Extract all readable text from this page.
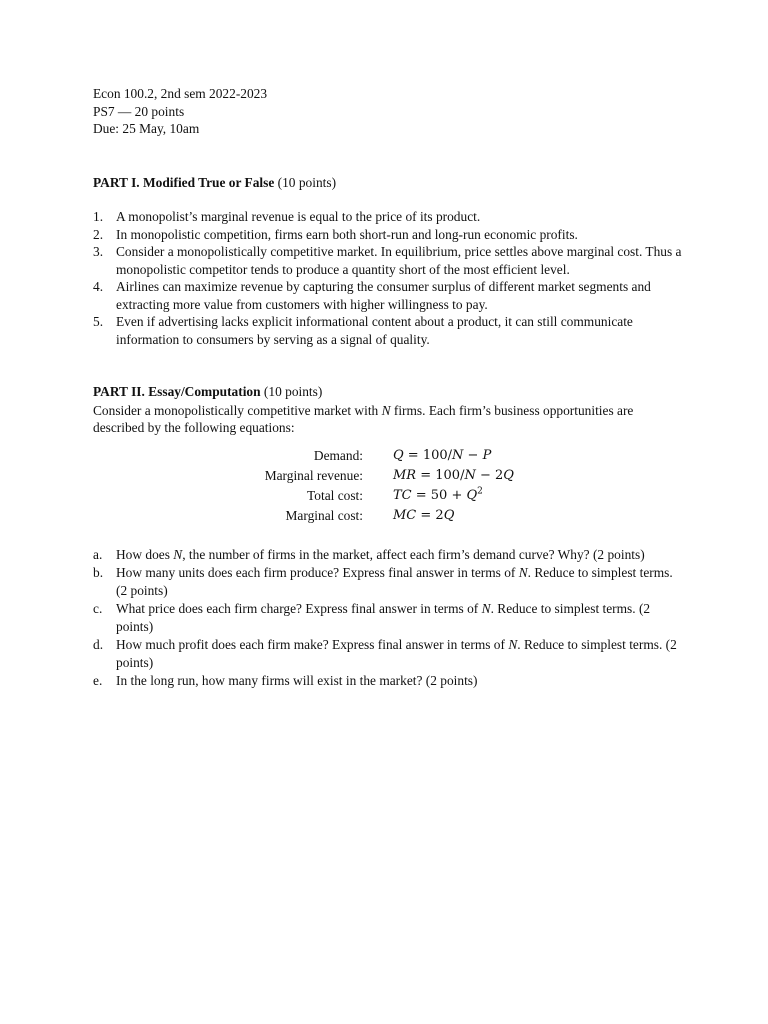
Econ 100.2, 2nd sem 2022-2023
PS7 — 20 points
Due: 25 May, 10am
PART I. Modified True or False (10 points)
1. A monopolist’s marginal revenue is equal to the price of its product.
2. In monopolistic competition, firms earn both short-run and long-run economic profits.
3. Consider a monopolistically competitive market. In equilibrium, price settles above marginal cost. Thus a monopolistic competitor tends to produce a quantity short of the most efficient level.
4. Airlines can maximize revenue by capturing the consumer surplus of different market segments and extracting more value from customers with higher willingness to pay.
5. Even if advertising lacks explicit informational content about a product, it can still communicate information to consumers by serving as a signal of quality.
PART II. Essay/Computation (10 points)
Consider a monopolistically competitive market with N firms. Each firm’s business opportunities are described by the following equations:
Demand: Q = 100/N − P
Marginal revenue: MR = 100/N − 2Q
Total cost: TC = $50 + Q^2$
Marginal cost: MC = 2Q
a. How does N, the number of firms in the market, affect each firm’s demand curve? Why? (2 points)
b. How many units does each firm produce? Express final answer in terms of N. Reduce to simplest terms. (2 points)
c. What price does each firm charge? Express final answer in terms of N. Reduce to simplest terms. (2 points)
d. How much profit does each firm make? Express final answer in terms of N. Reduce to simplest terms. (2 points)
e. In the long run, how many firms will exist in the market? (2 points)
